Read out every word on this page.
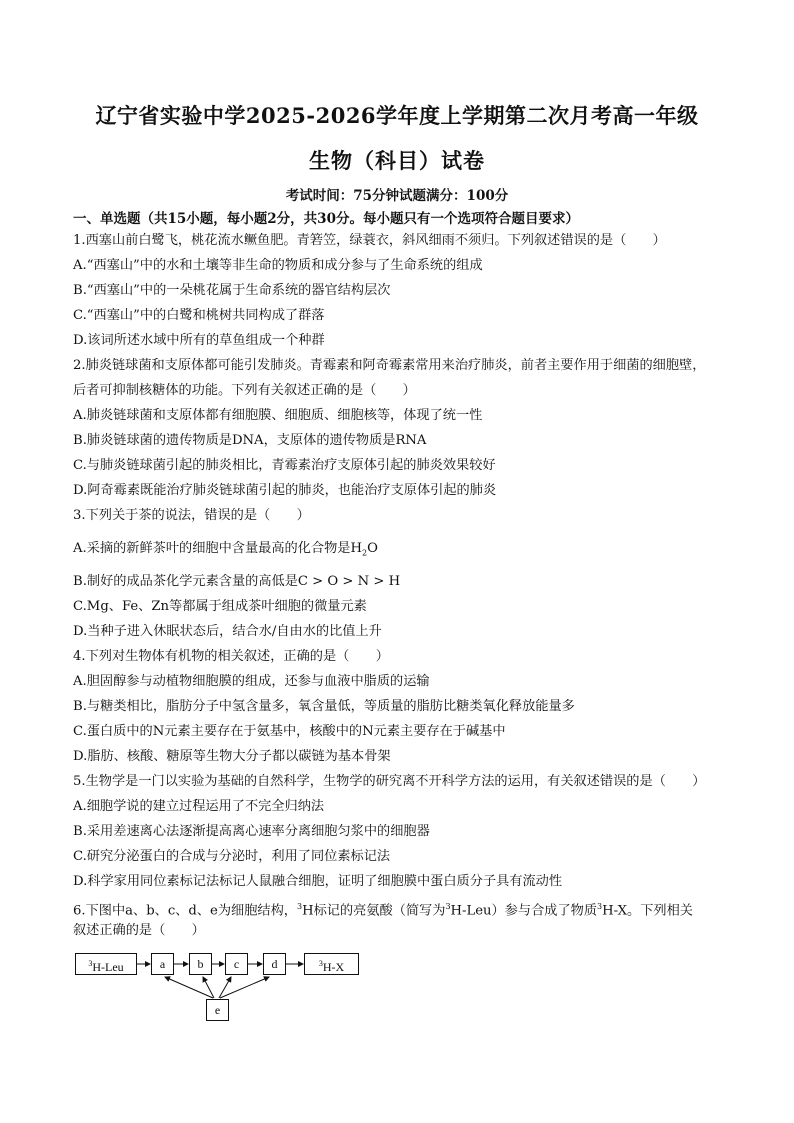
辽宁省实验中学2025-2026学年度上学期第二次月考高一年级
生物（科目）试卷
考试时间：75分钟试题满分：100分
一、单选题（共15小题，每小题2分，共30分。每小题只有一个选项符合题目要求）
1.西塞山前白鹭飞，桃花流水鳜鱼肥。青箬笠，绿蓑衣，斜风细雨不须归。下列叙述错误的是（　　）
A.“西塞山”中的水和土壤等非生命的物质和成分参与了生命系统的组成
B.“西塞山”中的一朵桃花属于生命系统的器官结构层次
C.“西塞山”中的白鹭和桃树共同构成了群落
D.该词所述水域中所有的草鱼组成一个种群
2.肺炎链球菌和支原体都可能引发肺炎。青霉素和阿奇霉素常用来治疗肺炎，前者主要作用于细菌的细胞壁，
后者可抑制核糖体的功能。下列有关叙述正确的是（　　）
A.肺炎链球菌和支原体都有细胞膜、细胞质、细胞核等，体现了统一性
B.肺炎链球菌的遗传物质是DNA，支原体的遗传物质是RNA
C.与肺炎链球菌引起的肺炎相比，青霉素治疗支原体引起的肺炎效果较好
D.阿奇霉素既能治疗肺炎链球菌引起的肺炎，也能治疗支原体引起的肺炎
3.下列关于茶的说法，错误的是（　　）
A.采摘的新鲜茶叶的细胞中含量最高的化合物是$H_2O$
B.制好的成品茶化学元素含量的高低是C > O > N > H
C.Mg、Fe、Zn等都属于组成茶叶细胞的微量元素
D.当种子进入休眠状态后，结合水/自由水的比值上升
4.下列对生物体有机物的相关叙述，正确的是（　　）
A.胆固醇参与动植物细胞膜的组成，还参与血液中脂质的运输
B.与糖类相比，脂肪分子中氢含量多，氧含量低，等质量的脂肪比糖类氧化释放能量多
C.蛋白质中的N元素主要存在于氨基中，核酸中的N元素主要存在于碱基中
D.脂肪、核酸、糖原等生物大分子都以碳链为基本骨架
5.生物学是一门以实验为基础的自然科学，生物学的研究离不开科学方法的运用，有关叙述错误的是（　　）
A.细胞学说的建立过程运用了不完全归纳法
B.采用差速离心法逐渐提高离心速率分离细胞匀浆中的细胞器
C.研究分泌蛋白的合成与分泌时，利用了同位素标记法
D.科学家用同位素标记法标记人鼠融合细胞，证明了细胞膜中蛋白质分子具有流动性
6.下图中a、b、c、d、e为细胞结构，$^3$H标记的亮氨酸（简写为$^3$H-Leu）参与合成了物质$^3$H-X。下列相关
叙述正确的是（　　）
$^3$H-Leu	a	b	c	d	$^3$H-X
e
